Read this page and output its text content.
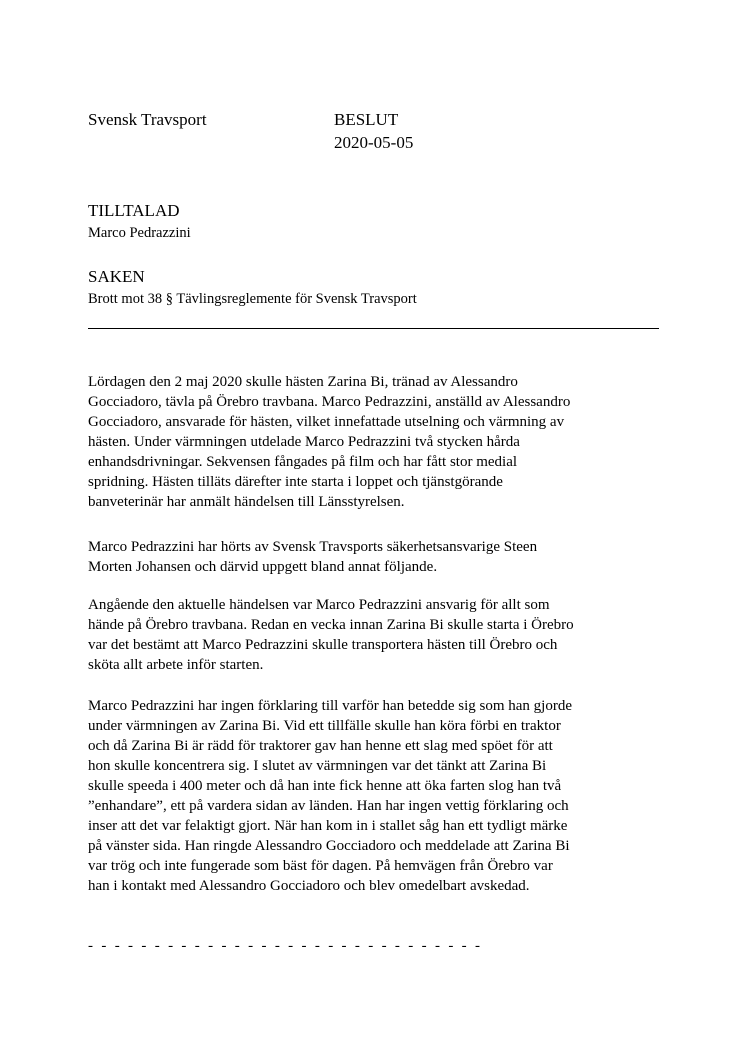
Svensk Travsport	BESLUT

2020-05-05

TILLTALAD

Marco Pedrazzini

SAKEN

Brott mot 38 § Tävlingsreglemente för Svensk Travsport

Lördagen den 2 maj 2020 skulle hästen Zarina Bi, tränad av Alessandro
Gocciadoro, tävla på Örebro travbana. Marco Pedrazzini, anställd av Alessandro
Gocciadoro, ansvarade för hästen, vilket innefattade utselning och värmning av
hästen. Under värmningen utdelade Marco Pedrazzini två stycken hårda
enhandsdrivningar. Sekvensen fångades på film och har fått stor medial
spridning. Hästen tilläts därefter inte starta i loppet och tjänstgörande
banveterinär har anmält händelsen till Länsstyrelsen.

Marco Pedrazzini har hörts av Svensk Travsports säkerhetsansvarige Steen
Morten Johansen och därvid uppgett bland annat följande.

Angående den aktuelle händelsen var Marco Pedrazzini ansvarig för allt som
hände på Örebro travbana. Redan en vecka innan Zarina Bi skulle starta i Örebro
var det bestämt att Marco Pedrazzini skulle transportera hästen till Örebro och
sköta allt arbete inför starten.

Marco Pedrazzini har ingen förklaring till varför han betedde sig som han gjorde
under värmningen av Zarina Bi. Vid ett tillfälle skulle han köra förbi en traktor
och då Zarina Bi är rädd för traktorer gav han henne ett slag med spöet för att
hon skulle koncentrera sig. I slutet av värmningen var det tänkt att Zarina Bi
skulle speeda i 400 meter och då han inte fick henne att öka farten slog han två
”enhandare”, ett på vardera sidan av länden. Han har ingen vettig förklaring och
inser att det var felaktigt gjort. När han kom in i stallet såg han ett tydligt märke
på vänster sida. Han ringde Alessandro Gocciadoro och meddelade att Zarina Bi
var trög och inte fungerade som bäst för dagen. På hemvägen från Örebro var
han i kontakt med Alessandro Gocciadoro och blev omedelbart avskedad.

- - - - - - - - - - - - - - - - - - - - - - - - - - - - - -
